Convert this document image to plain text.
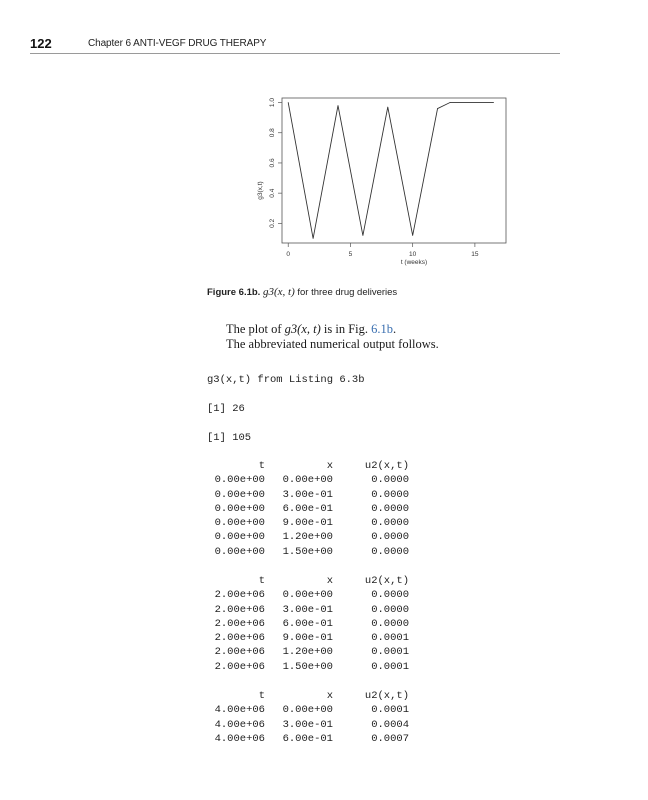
122	Chapter 6 ANTI-VEGF DRUG THERAPY
0	5	10	15
0.2
0.4
0.6
0.8
1.0
t (weeks)
g3(x,t)
Figure 6.1b. g3(x, t) for three drug deliveries
The plot of g3(x, t) is in Fig. 6.1b.
The abbreviated numerical output follows.
g3(x,t) from Listing 6.3b
[1] 26
[1] 105
t	x	u2(x,t)
0.00e+00	0.00e+00	0.0000
0.00e+00	3.00e-01	0.0000
0.00e+00	6.00e-01	0.0000
0.00e+00	9.00e-01	0.0000
0.00e+00	1.20e+00	0.0000
0.00e+00	1.50e+00	0.0000
t	x	u2(x,t)
2.00e+06	0.00e+00	0.0000
2.00e+06	3.00e-01	0.0000
2.00e+06	6.00e-01	0.0000
2.00e+06	9.00e-01	0.0001
2.00e+06	1.20e+00	0.0001
2.00e+06	1.50e+00	0.0001
t	x	u2(x,t)
4.00e+06	0.00e+00	0.0001
4.00e+06	3.00e-01	0.0004
4.00e+06	6.00e-01	0.0007
